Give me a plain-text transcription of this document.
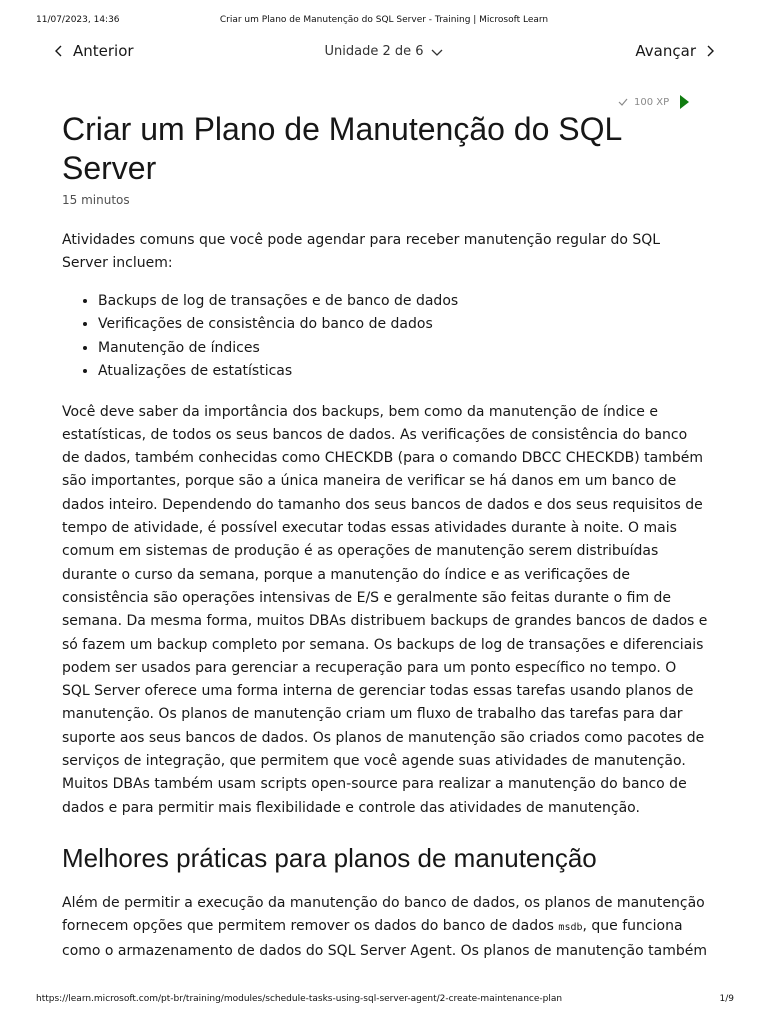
11/07/2023, 14:36	Criar um Plano de Manutenção do SQL Server - Training | Microsoft Learn
Anterior	Unidade 2 de 6	Avançar
100 XP
Criar um Plano de Manutenção do SQL Server
15 minutos

Atividades comuns que você pode agendar para receber manutenção regular do SQL Server incluem:

• Backups de log de transações e de banco de dados
• Verificações de consistência do banco de dados
• Manutenção de índices
• Atualizações de estatísticas

Você deve saber da importância dos backups, bem como da manutenção de índice e estatísticas, de todos os seus bancos de dados. As verificações de consistência do banco de dados, também conhecidas como CHECKDB (para o comando DBCC CHECKDB) também são importantes, porque são a única maneira de verificar se há danos em um banco de dados inteiro. Dependendo do tamanho dos seus bancos de dados e dos seus requisitos de tempo de atividade, é possível executar todas essas atividades durante à noite. O mais comum em sistemas de produção é as operações de manutenção serem distribuídas durante o curso da semana, porque a manutenção do índice e as verificações de consistência são operações intensivas de E/S e geralmente são feitas durante o fim de semana. Da mesma forma, muitos DBAs distribuem backups de grandes bancos de dados e só fazem um backup completo por semana. Os backups de log de transações e diferenciais podem ser usados para gerenciar a recuperação para um ponto específico no tempo. O SQL Server oferece uma forma interna de gerenciar todas essas tarefas usando planos de manutenção. Os planos de manutenção criam um fluxo de trabalho das tarefas para dar suporte aos seus bancos de dados. Os planos de manutenção são criados como pacotes de serviços de integração, que permitem que você agende suas atividades de manutenção. Muitos DBAs também usam scripts open-source para realizar a manutenção do banco de dados e para permitir mais flexibilidade e controle das atividades de manutenção.

Melhores práticas para planos de manutenção

Além de permitir a execução da manutenção do banco de dados, os planos de manutenção fornecem opções que permitem remover os dados do banco de dados msdb, que funciona como o armazenamento de dados do SQL Server Agent. Os planos de manutenção também

https://learn.microsoft.com/pt-br/training/modules/schedule-tasks-using-sql-server-agent/2-create-maintenance-plan	1/9
